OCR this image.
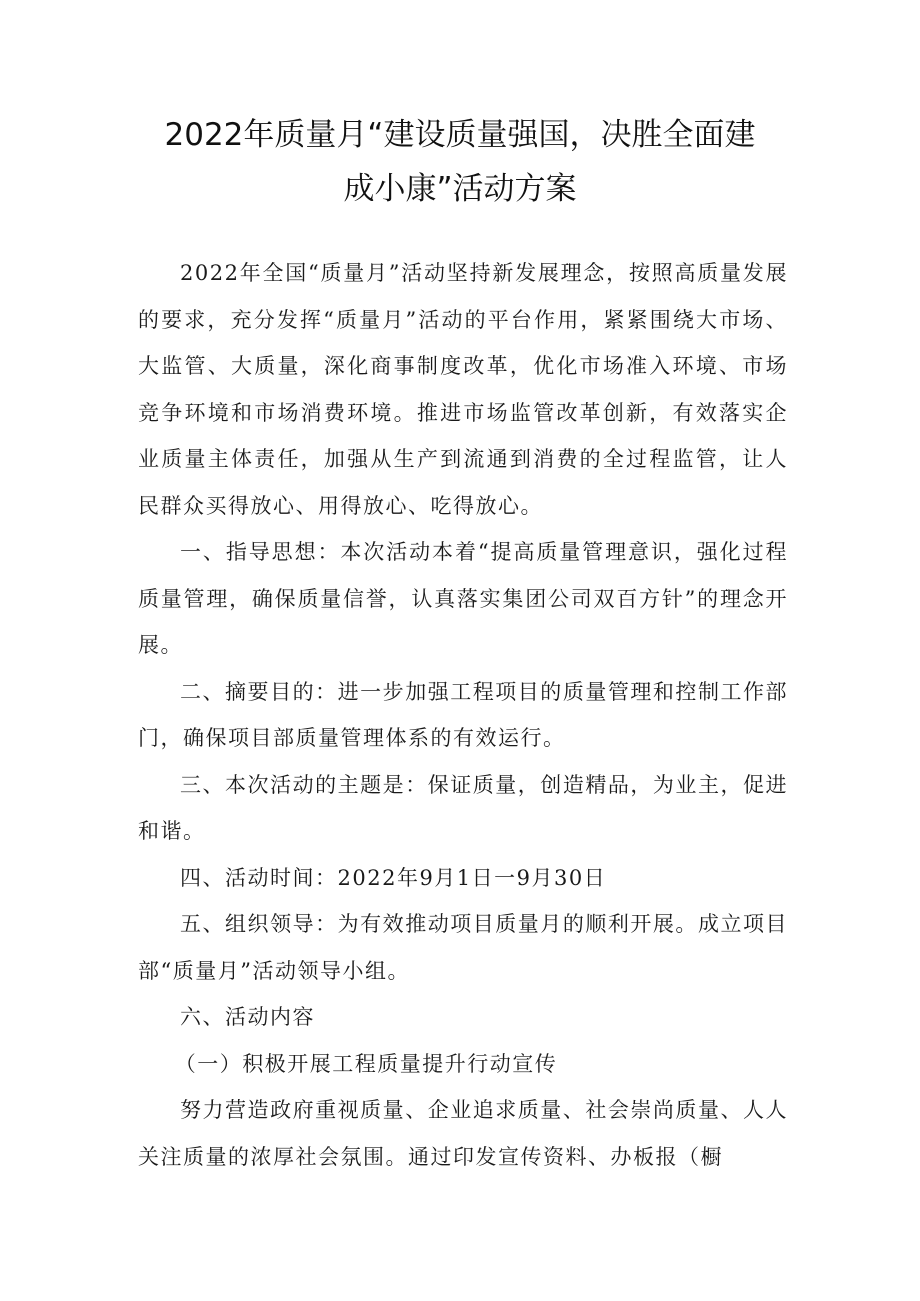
2022年质量月“建设质量强国，决胜全面建
成小康”活动方案

2022年全国“质量月”活动坚持新发展理念，按照高质量发展的要求，充分发挥“质量月”活动的平台作用，紧紧围绕大市场、大监管、大质量，深化商事制度改革，优化市场准入环境、市场竞争环境和市场消费环境。推进市场监管改革创新，有效落实企业质量主体责任，加强从生产到流通到消费的全过程监管，让人民群众买得放心、用得放心、吃得放心。

一、指导思想：本次活动本着“提高质量管理意识，强化过程质量管理，确保质量信誉，认真落实集团公司双百方针”的理念开展。

二、摘要目的：进一步加强工程项目的质量管理和控制工作部门，确保项目部质量管理体系的有效运行。

三、本次活动的主题是：保证质量，创造精品，为业主，促进和谐。

四、活动时间：2022年9月1日一9月30日

五、组织领导：为有效推动项目质量月的顺利开展。成立项目部“质量月”活动领导小组。

六、活动内容

（一）积极开展工程质量提升行动宣传

努力营造政府重视质量、企业追求质量、社会崇尚质量、人人关注质量的浓厚社会氛围。通过印发宣传资料、办板报（橱
